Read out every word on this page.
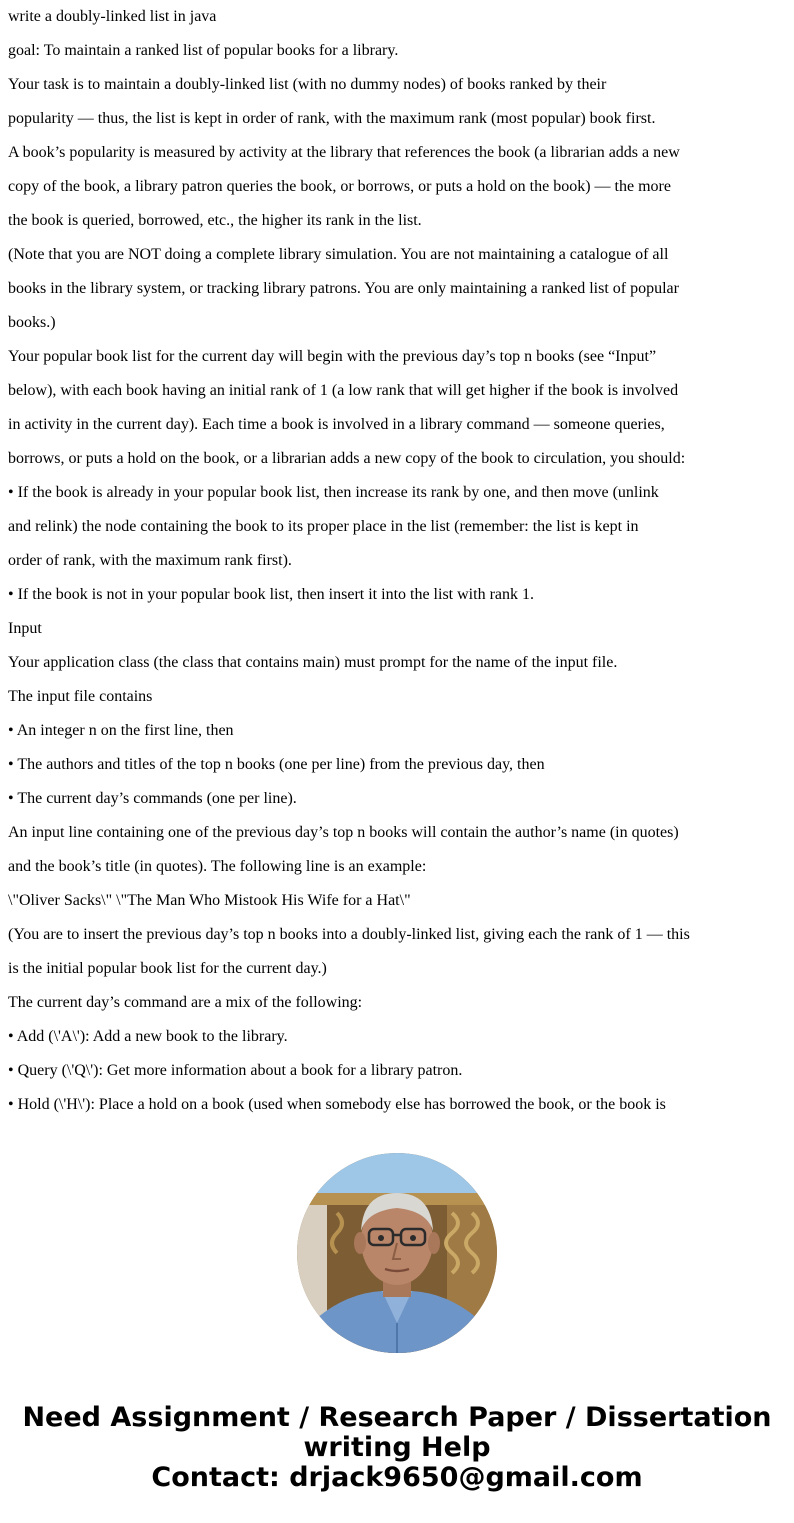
write a doubly-linked list in java
goal: To maintain a ranked list of popular books for a library.
Your task is to maintain a doubly-linked list (with no dummy nodes) of books ranked by their
popularity — thus, the list is kept in order of rank, with the maximum rank (most popular) book first.
A book’s popularity is measured by activity at the library that references the book (a librarian adds a new
copy of the book, a library patron queries the book, or borrows, or puts a hold on the book) — the more
the book is queried, borrowed, etc., the higher its rank in the list.
(Note that you are NOT doing a complete library simulation. You are not maintaining a catalogue of all
books in the library system, or tracking library patrons. You are only maintaining a ranked list of popular
books.)
Your popular book list for the current day will begin with the previous day’s top n books (see “Input”
below), with each book having an initial rank of 1 (a low rank that will get higher if the book is involved
in activity in the current day). Each time a book is involved in a library command — someone queries,
borrows, or puts a hold on the book, or a librarian adds a new copy of the book to circulation, you should:
• If the book is already in your popular book list, then increase its rank by one, and then move (unlink
and relink) the node containing the book to its proper place in the list (remember: the list is kept in
order of rank, with the maximum rank first).
• If the book is not in your popular book list, then insert it into the list with rank 1.
Input
Your application class (the class that contains main) must prompt for the name of the input file.
The input file contains
• An integer n on the first line, then
• The authors and titles of the top n books (one per line) from the previous day, then
• The current day’s commands (one per line).
An input line containing one of the previous day’s top n books will contain the author’s name (in quotes)
and the book’s title (in quotes). The following line is an example:
\"Oliver Sacks\" \"The Man Who Mistook His Wife for a Hat\"
(You are to insert the previous day’s top n books into a doubly-linked list, giving each the rank of 1 — this
is the initial popular book list for the current day.)
The current day’s command are a mix of the following:
• Add (\'A\'): Add a new book to the library.
• Query (\'Q\'): Get more information about a book for a library patron.
• Hold (\'H\'): Place a hold on a book (used when somebody else has borrowed the book, or the book is
Need Assignment / Research Paper / Dissertation
writing Help
Contact: drjack9650@gmail.com
